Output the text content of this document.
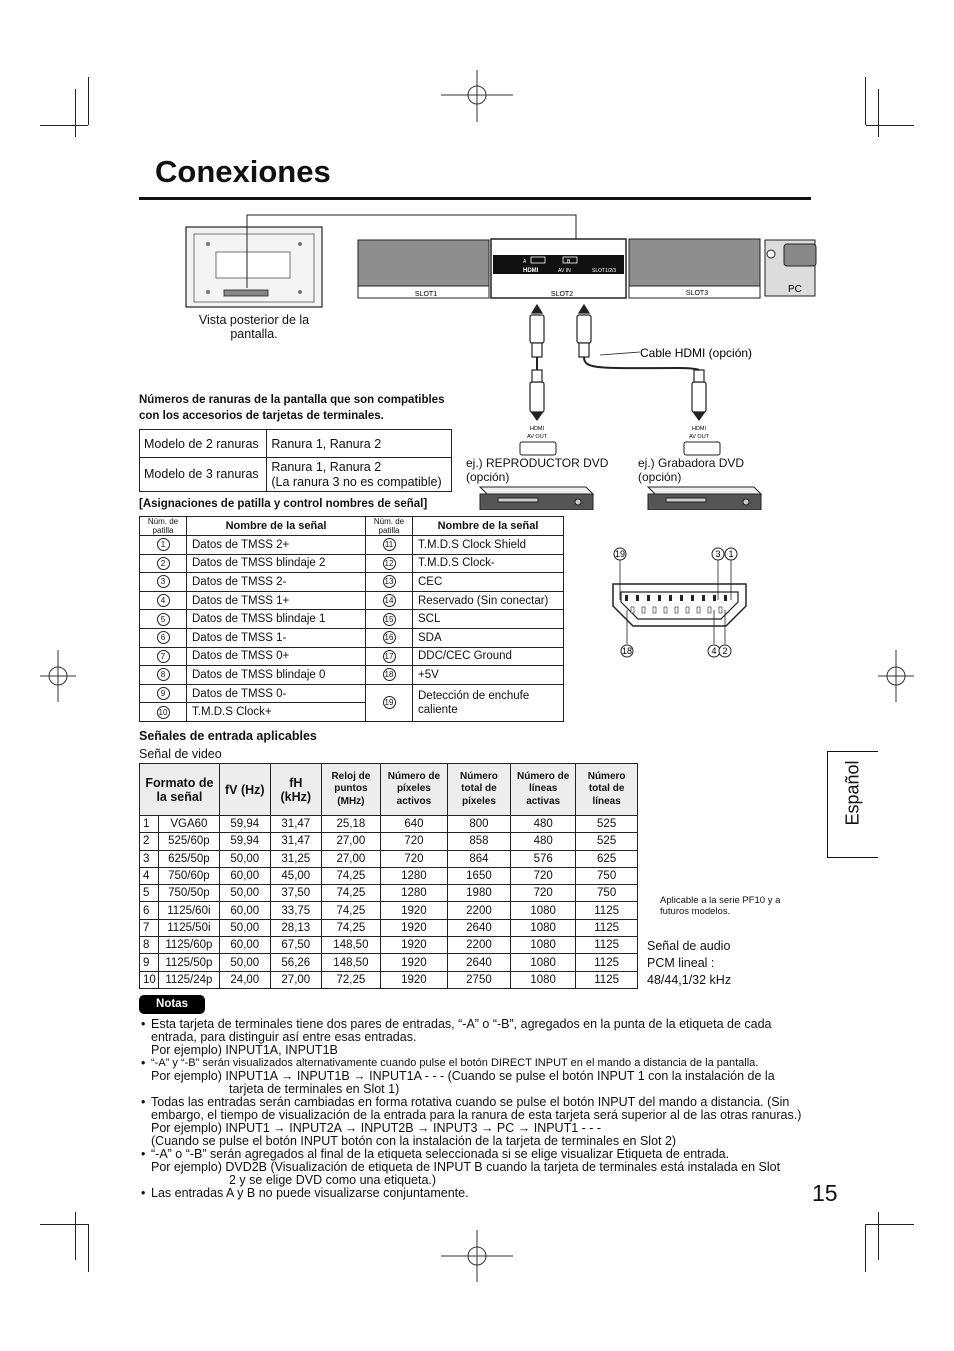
Conexiones
SLOT1
A	B
HDMI	AV IN	SLOT1/2/3
SLOT2	SLOT3	PC
Cable HDMI (opción)
HDMI
AV OUT
HDMI
AV OUT
Vista posterior de la pantalla.
ej.) REPRODUCTOR DVD (opción)
ej.) Grabadora DVD (opción)
Números de ranuras de la pantalla que son compatibles con los accesorios de tarjetas de terminales.
Modelo de 2 ranuras	Ranura 1, Ranura 2
Modelo de 3 ranuras	Ranura 1, Ranura 2
(La ranura 3 no es compatible)
[Asignaciones de patilla y control nombres de señal]
Núm. de patilla	Nombre de la señal	Núm. de patilla	Nombre de la señal
1	Datos de TMSS 2+	11	T.M.D.S Clock Shield
2	Datos de TMSS blindaje 2	12	T.M.D.S Clock-
3	Datos de TMSS 2-	13	CEC
4	Datos de TMSS 1+	14	Reservado (Sin conectar)
5	Datos de TMSS blindaje 1	15	SCL
6	Datos de TMSS 1-	16	SDA
7	Datos de TMSS 0+	17	DDC/CEC Ground
8	Datos de TMSS blindaje 0	18	+5V
9	Datos de TMSS 0-	19	Detección de enchufe caliente
10	T.M.D.S Clock+		
19	3 1
18	4 2
Señales de entrada aplicables
Señal de video
Formato de la señal		fV (Hz)	fH (kHz)	Reloj de puntos (MHz)	Número de píxeles activos	Número total de píxeles	Número de líneas activas	Número total de líneas
1	VGA60	59,94	31,47	25,18	640	800	480	525
2	525/60p	59,94	31,47	27,00	720	858	480	525
3	625/50p	50,00	31,25	27,00	720	864	576	625
4	750/60p	60,00	45,00	74,25	1280	1650	720	750
5	750/50p	50,00	37,50	74,25	1280	1980	720	750
6	1125/60i	60,00	33,75	74,25	1920	2200	1080	1125
7	1125/50i	50,00	28,13	74,25	1920	2640	1080	1125
8	1125/60p	60,00	67,50	148,50	1920	2200	1080	1125
9	1125/50p	50,00	56,26	148,50	1920	2640	1080	1125
10	1125/24p	24,00	27,00	72,25	1920	2750	1080	1125
Aplicable a la serie PF10 y a futuros modelos.
Señal de audio
PCM lineal :
48/44,1/32 kHz
Notas
• Esta tarjeta de terminales tiene dos pares de entradas, “-A” o “-B”, agregados en la punta de la etiqueta de cada
entrada, para distinguir así entre esas entradas.
Por ejemplo) INPUT1A, INPUT1B
• “-A” y “-B” serán visualizados alternativamente cuando pulse el botón DIRECT INPUT en el mando a distancia de la pantalla.
Por ejemplo) INPUT1A → INPUT1B → INPUT1A - - - (Cuando se pulse el botón INPUT 1 con la instalación de la
tarjeta de terminales en Slot 1)
• Todas las entradas serán cambiadas en forma rotativa cuando se pulse el botón INPUT del mando a distancia. (Sin
embargo, el tiempo de visualización de la entrada para la ranura de esta tarjeta será superior al de las otras ranuras.)
Por ejemplo) INPUT1 → INPUT2A → INPUT2B → INPUT3 → PC → INPUT1 - - -
(Cuando se pulse el botón INPUT botón con la instalación de la tarjeta de terminales en Slot 2)
• “-A” o “-B” serán agregados al final de la etiqueta seleccionada si se elige visualizar Etiqueta de entrada.
Por ejemplo) DVD2B (Visualización de etiqueta de INPUT B cuando la tarjeta de terminales está instalada en Slot
2 y se elige DVD como una etiqueta.)
• Las entradas A y B no puede visualizarse conjuntamente.
Español
15
